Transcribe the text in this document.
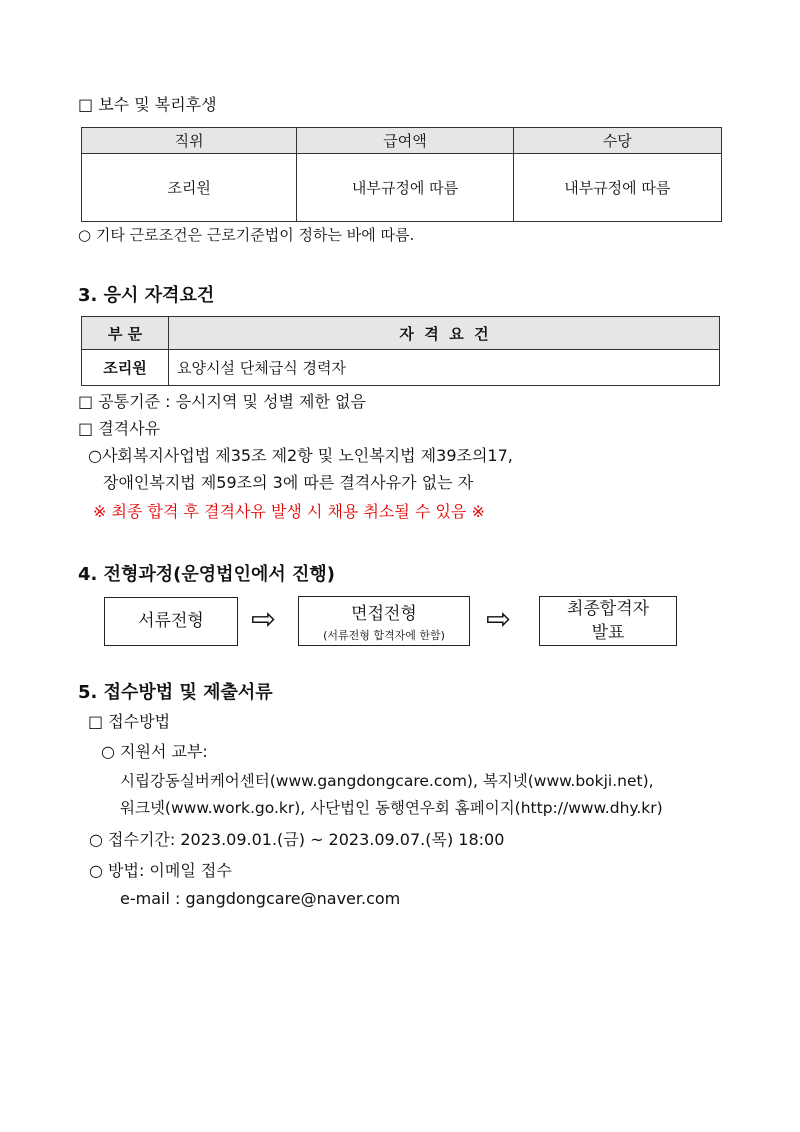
□ 보수 및 복리후생
직위	급여액	수당
조리원	내부규정에 따름	내부규정에 따름
○ 기타 근로조건은 근로기준법이 정하는 바에 따름.
3. 응시 자격요건
부 문	자  격  요  건
조리원	요양시설 단체급식 경력자
□ 공통기준 : 응시지역 및 성별 제한 없음
□ 결격사유
○사회복지사업법 제35조 제2항 및 노인복지법 제39조의17,
장애인복지법 제59조의 3에 따른 결격사유가 없는 자
※ 최종 합격 후 결격사유 발생 시 채용 취소될 수 있음 ※
4. 전형과정(운영법인에서 진행)
서류전형	⇨	면접전형
(서류전형 합격자에 한함)	⇨	최종합격자
발표
5. 접수방법 및 제출서류
□ 접수방법
○ 지원서 교부:
시립강동실버케어센터(www.gangdongcare.com), 복지넷(www.bokji.net),
워크넷(www.work.go.kr), 사단법인 동행연우회 홈페이지(http://www.dhy.kr)
○ 접수기간: 2023.09.01.(금) ~ 2023.09.07.(목) 18:00
○ 방법: 이메일 접수
e-mail : gangdongcare@naver.com
